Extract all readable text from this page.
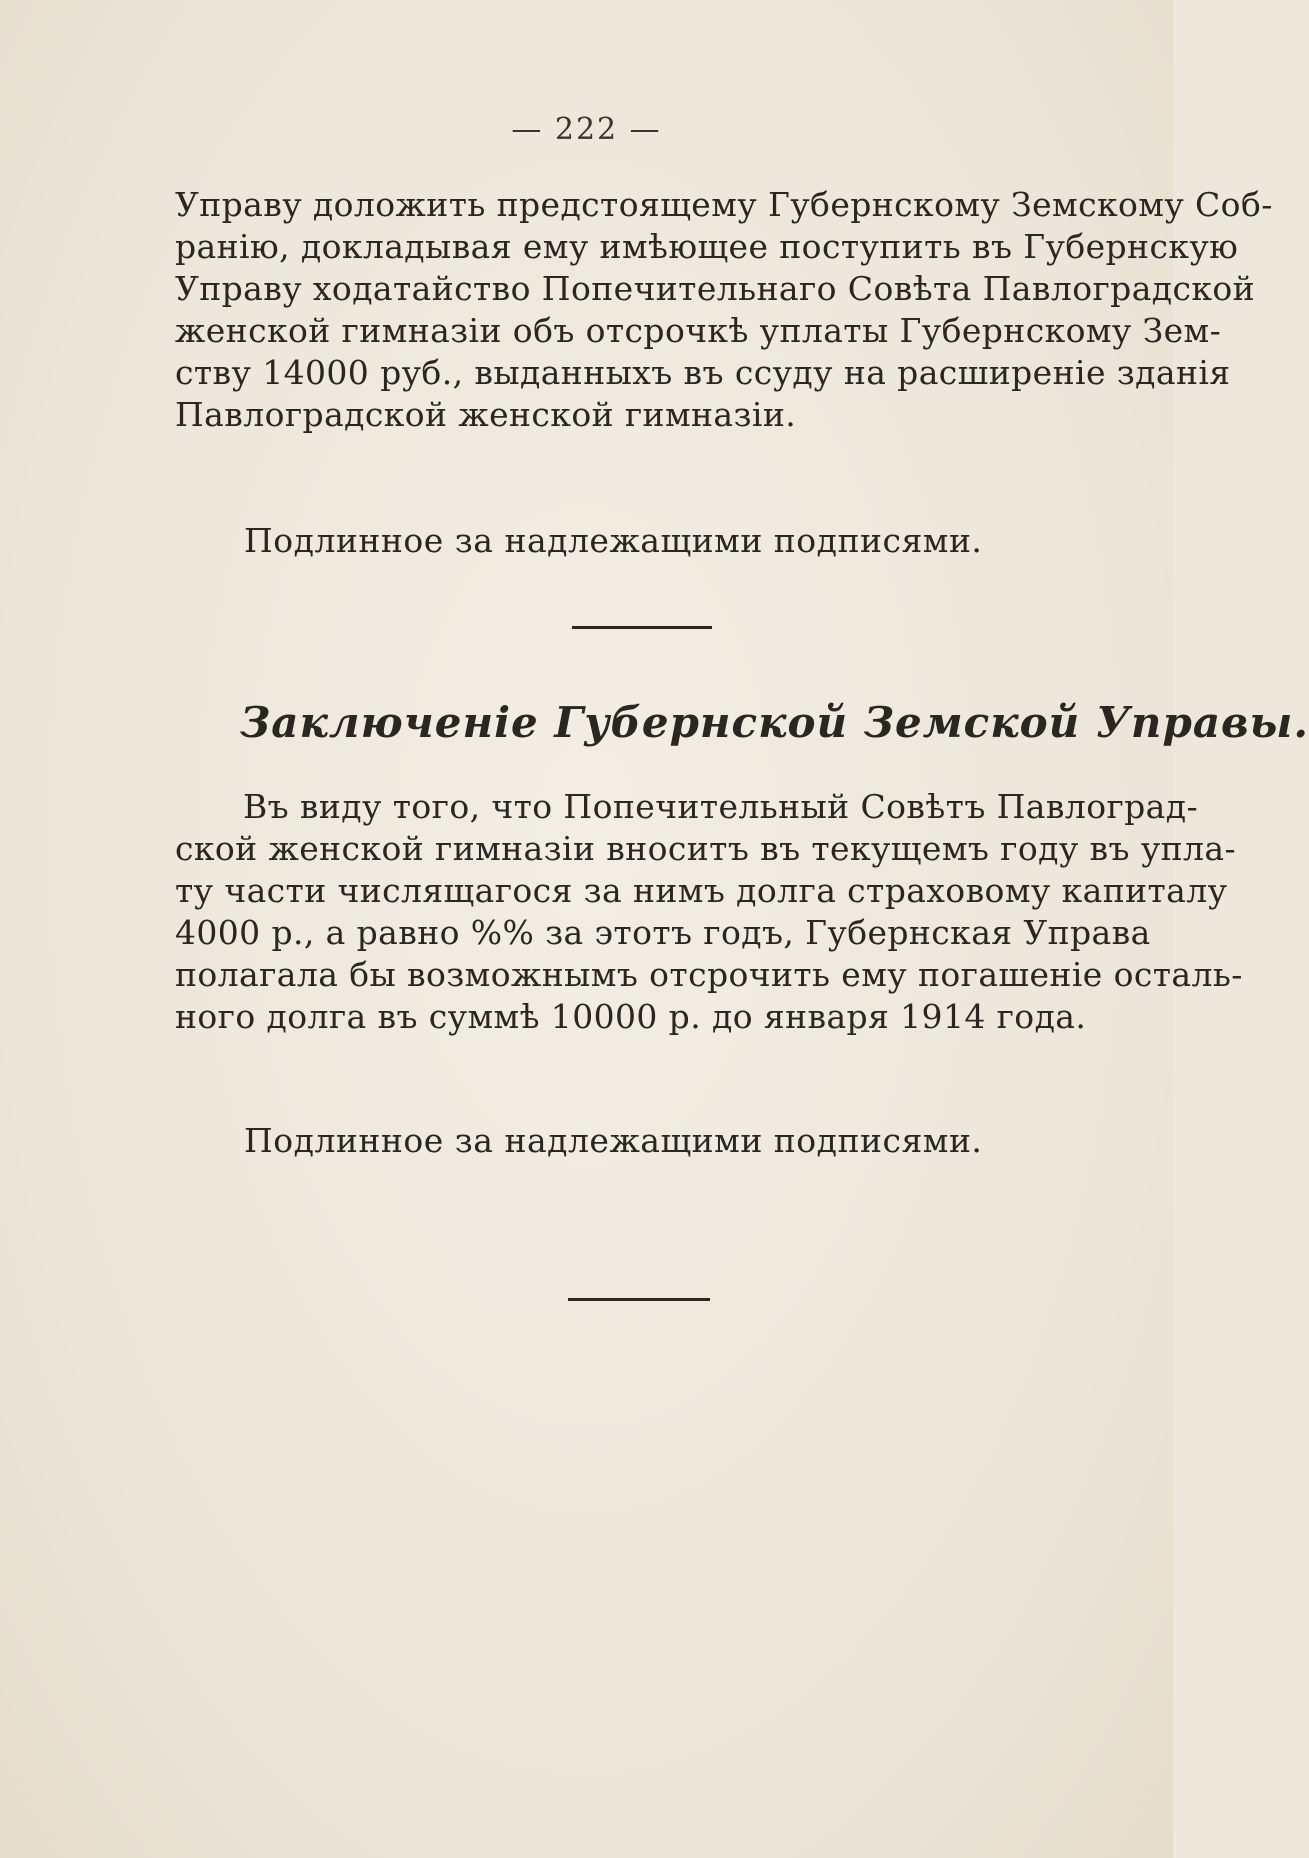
— 222 —
Управу доложить предстоящему Губернскому Земскому Соб-
ранію, докладывая ему имѣющее поступить въ Губернскую
Управу ходатайство Попечительнаго Совѣта Павлоградской
женской гимназіи объ отсрочкѣ уплаты Губернскому Зем-
ству 14000 руб., выданныхъ въ ссуду на расширеніе зданія
Павлоградской женской гимназіи.
Подлинное за надлежащими подписями.
Заключеніе Губернской Земской Управы.
Въ виду того, что Попечительный Совѣтъ Павлоград-
ской женской гимназіи вноситъ въ текущемъ году въ упла-
ту части числящагося за нимъ долга страховому капиталу
4000 р., а равно %% за этотъ годъ, Губернская Управа
полагала бы возможнымъ отсрочить ему погашеніе осталь-
ного долга въ суммѣ 10000 р. до января 1914 года.
Подлинное за надлежащими подписями.
